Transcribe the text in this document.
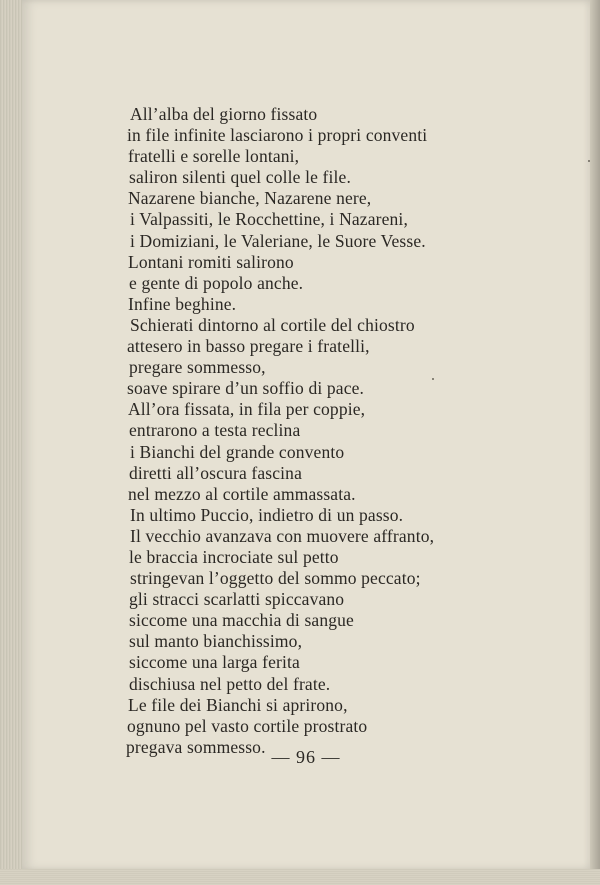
All’alba del giorno fissato
in file infinite lasciarono i propri conventi
fratelli e sorelle lontani,
saliron silenti quel colle le file.
Nazarene bianche, Nazarene nere,
i Valpassiti, le Rocchettine, i Nazareni,
i Domiziani, le Valeriane, le Suore Vesse.
Lontani romiti salirono
e gente di popolo anche.
Infine beghine.
Schierati dintorno al cortile del chiostro
attesero in basso pregare i fratelli,
pregare sommesso,
soave spirare d’un soffio di pace.
All’ora fissata, in fila per coppie,
entrarono a testa reclina
i Bianchi del grande convento
diretti all’oscura fascina
nel mezzo al cortile ammassata.
In ultimo Puccio, indietro di un passo.
Il vecchio avanzava con muovere affranto,
le braccia incrociate sul petto
stringevan l’oggetto del sommo peccato;
gli stracci scarlatti spiccavano
siccome una macchia di sangue
sul manto bianchissimo,
siccome una larga ferita
dischiusa nel petto del frate.
Le file dei Bianchi si aprirono,
ognuno pel vasto cortile prostrato
pregava sommesso.
— 96 —
